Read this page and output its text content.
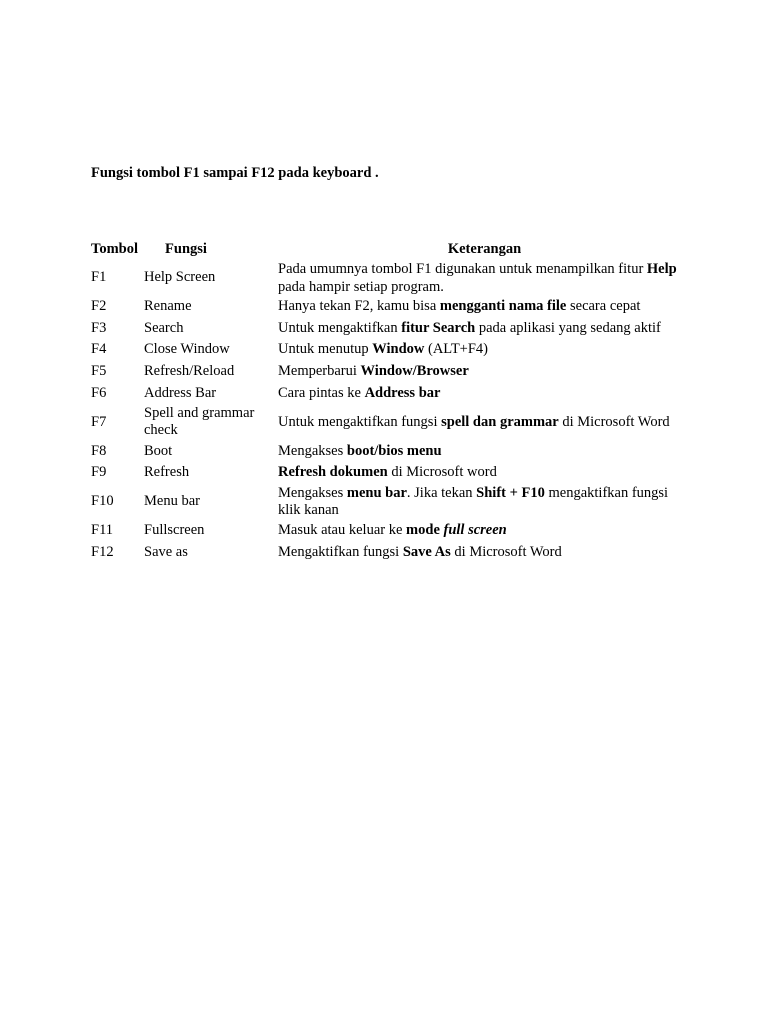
Fungsi tombol F1 sampai F12 pada keyboard .

Tombol	Fungsi	Keterangan
F1	Help Screen	Pada umumnya tombol F1 digunakan untuk menampilkan fitur Help pada hampir setiap program.
F2	Rename	Hanya tekan F2, kamu bisa mengganti nama file secara cepat
F3	Search	Untuk mengaktifkan fitur Search pada aplikasi yang sedang aktif
F4	Close Window	Untuk menutup Window (ALT+F4)
F5	Refresh/Reload	Memperbarui Window/Browser
F6	Address Bar	Cara pintas ke Address bar
F7	Spell and grammar check	Untuk mengaktifkan fungsi spell dan grammar di Microsoft Word
F8	Boot	Mengakses boot/bios menu
F9	Refresh	Refresh dokumen di Microsoft word
F10	Menu bar	Mengakses menu bar. Jika tekan Shift + F10 mengaktifkan fungsi klik kanan
F11	Fullscreen	Masuk atau keluar ke mode full screen
F12	Save as	Mengaktifkan fungsi Save As di Microsoft Word
